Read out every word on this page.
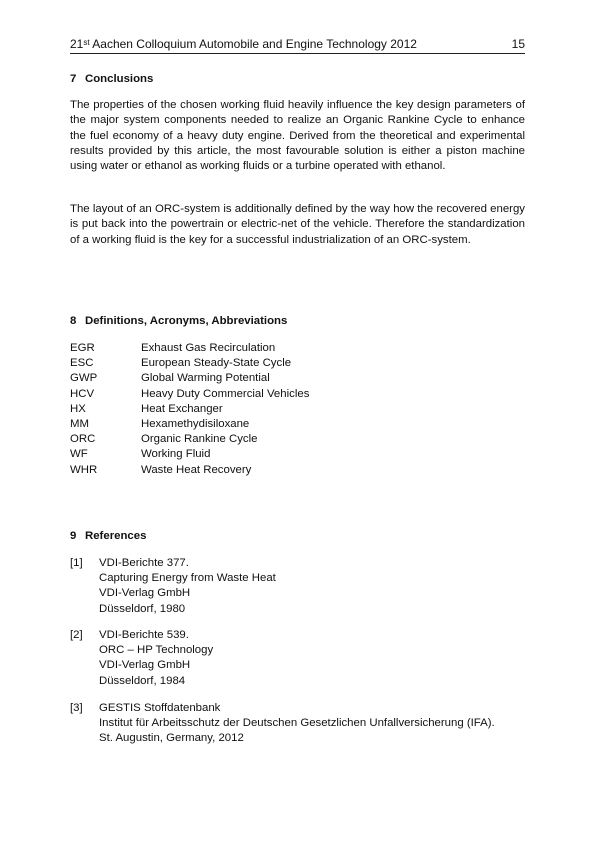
21st Aachen Colloquium Automobile and Engine Technology 2012	15
7 Conclusions

The properties of the chosen working fluid heavily influence the key design parameters of the major system components needed to realize an Organic Rankine Cycle to enhance the fuel economy of a heavy duty engine. Derived from the theoretical and experimental results provided by this article, the most favourable solution is either a piston machine using water or ethanol as working fluids or a turbine operated with ethanol.

The layout of an ORC-system is additionally defined by the way how the recovered energy is put back into the powertrain or electric-net of the vehicle. Therefore the standardization of a working fluid is the key for a successful industrialization of an ORC-system.

8 Definitions, Acronyms, Abbreviations
EGR	Exhaust Gas Recirculation
ESC	European Steady-State Cycle
GWP	Global Warming Potential
HCV	Heavy Duty Commercial Vehicles
HX	Heat Exchanger
MM	Hexamethydisiloxane
ORC	Organic Rankine Cycle
WF	Working Fluid
WHR	Waste Heat Recovery
9 References
[1] VDI-Berichte 377.
Capturing Energy from Waste Heat
VDI-Verlag GmbH
Düsseldorf, 1980
[2] VDI-Berichte 539.
ORC – HP Technology
VDI-Verlag GmbH
Düsseldorf, 1984
[3] GESTIS Stoffdatenbank
Institut für Arbeitsschutz der Deutschen Gesetzlichen Unfallversicherung (IFA).
St. Augustin, Germany, 2012
